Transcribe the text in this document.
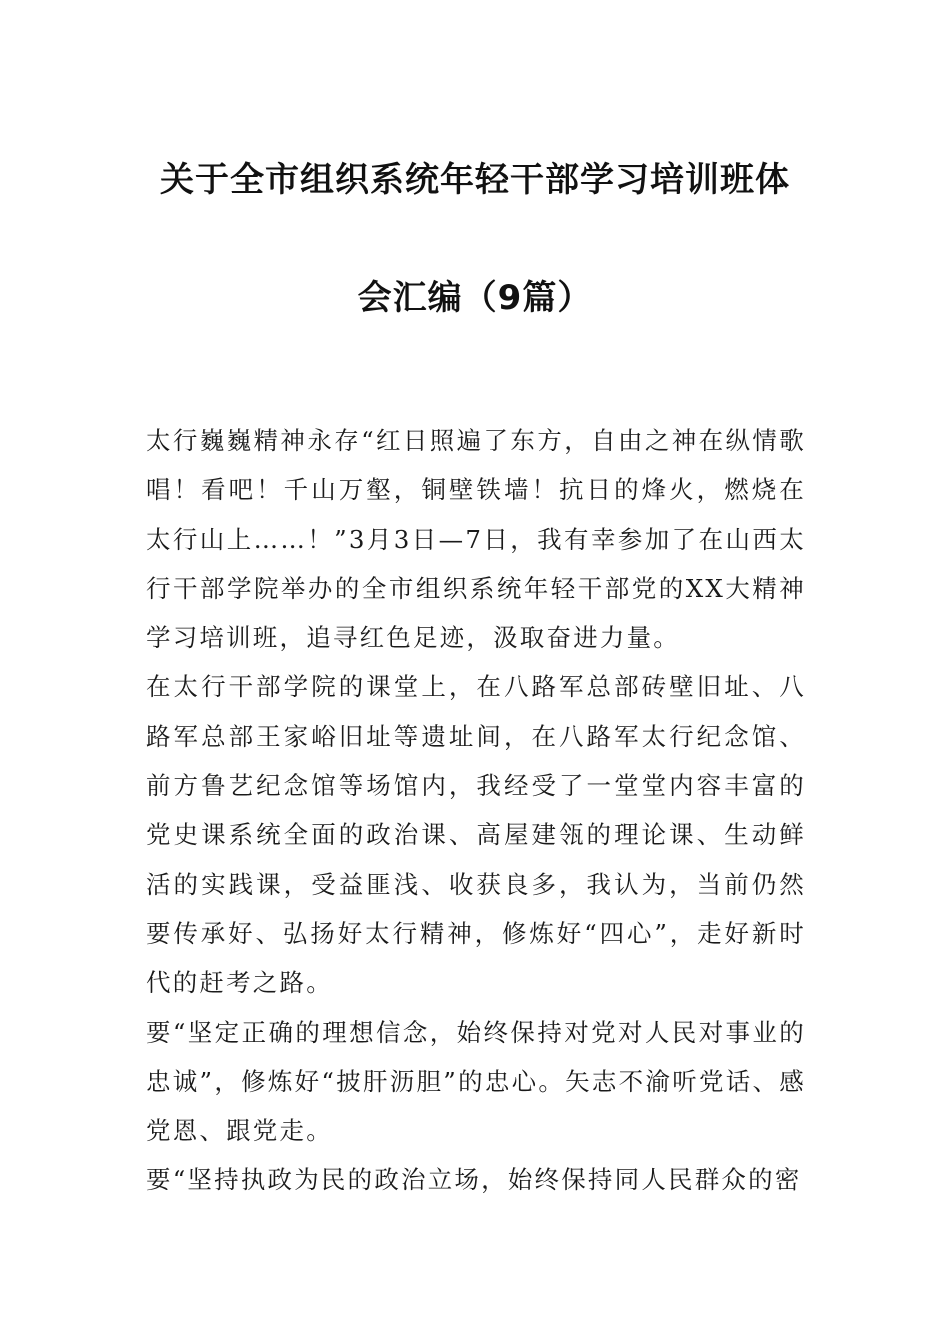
关于全市组织系统年轻干部学习培训班体
会汇编（9篇）

太行巍巍精神永存“红日照遍了东方，自由之神在纵情歌唱！看吧！千山万壑，铜壁铁墙！抗日的烽火，燃烧在太行山上……！”3月3日—7日，我有幸参加了在山西太行干部学院举办的全市组织系统年轻干部党的XX大精神学习培训班，追寻红色足迹，汲取奋进力量。

在太行干部学院的课堂上，在八路军总部砖壁旧址、八路军总部王家峪旧址等遗址间，在八路军太行纪念馆、前方鲁艺纪念馆等场馆内，我经受了一堂堂内容丰富的党史课系统全面的政治课、高屋建瓴的理论课、生动鲜活的实践课，受益匪浅、收获良多，我认为，当前仍然要传承好、弘扬好太行精神，修炼好“四心”，走好新时代的赶考之路。

要“坚定正确的理想信念，始终保持对党对人民对事业的忠诚”，修炼好“披肝沥胆”的忠心。矢志不渝听党话、感党恩、跟党走。

要“坚持执政为民的政治立场，始终保持同人民群众的密
